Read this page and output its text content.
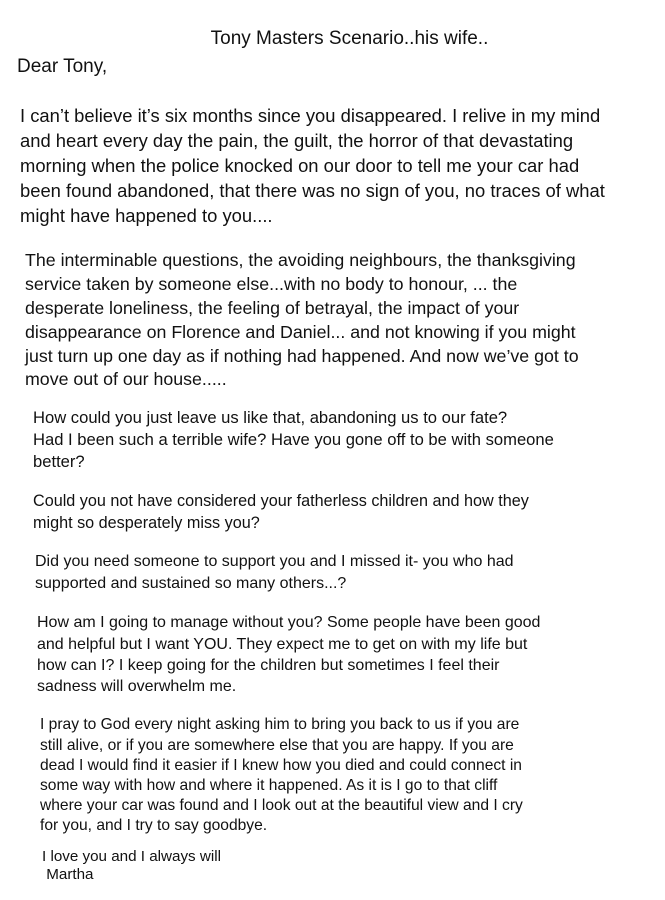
Tony Masters Scenario..his wife..
Dear Tony,
I can’t believe it’s six months since you disappeared. I relive in my mind
and heart every day the pain, the guilt, the horror of that devastating
morning when the police knocked on our door to tell me your car had
been found abandoned, that there was no sign of you, no traces of what
might have happened to you....
The interminable questions, the avoiding neighbours, the thanksgiving
service taken by someone else...with no body to honour, ... the
desperate loneliness, the feeling of betrayal, the impact of your
disappearance on Florence and Daniel... and not knowing if you might
just turn up one day as if nothing had happened. And now we’ve got to
move out of our house.....
How could you just leave us like that, abandoning us to our fate?
Had I been such a terrible wife? Have you gone off to be with someone
better?
Could you not have considered your fatherless children and how they
might so desperately miss you?
Did you need someone to support you and I missed it- you who had
supported and sustained so many others...?
How am I going to manage without you? Some people have been good
and helpful but I want YOU. They expect me to get on with my life but
how can I? I keep going for the children but sometimes I feel their
sadness will overwhelm me.
I pray to God every night asking him to bring you back to us if you are
still alive, or if you are somewhere else that you are happy. If you are
dead I would find it easier if I knew how you died and could connect in
some way with how and where it happened. As it is I go to that cliff
where your car was found and I look out at the beautiful view and I cry
for you, and I try to say goodbye.
I love you and I always will
Martha
